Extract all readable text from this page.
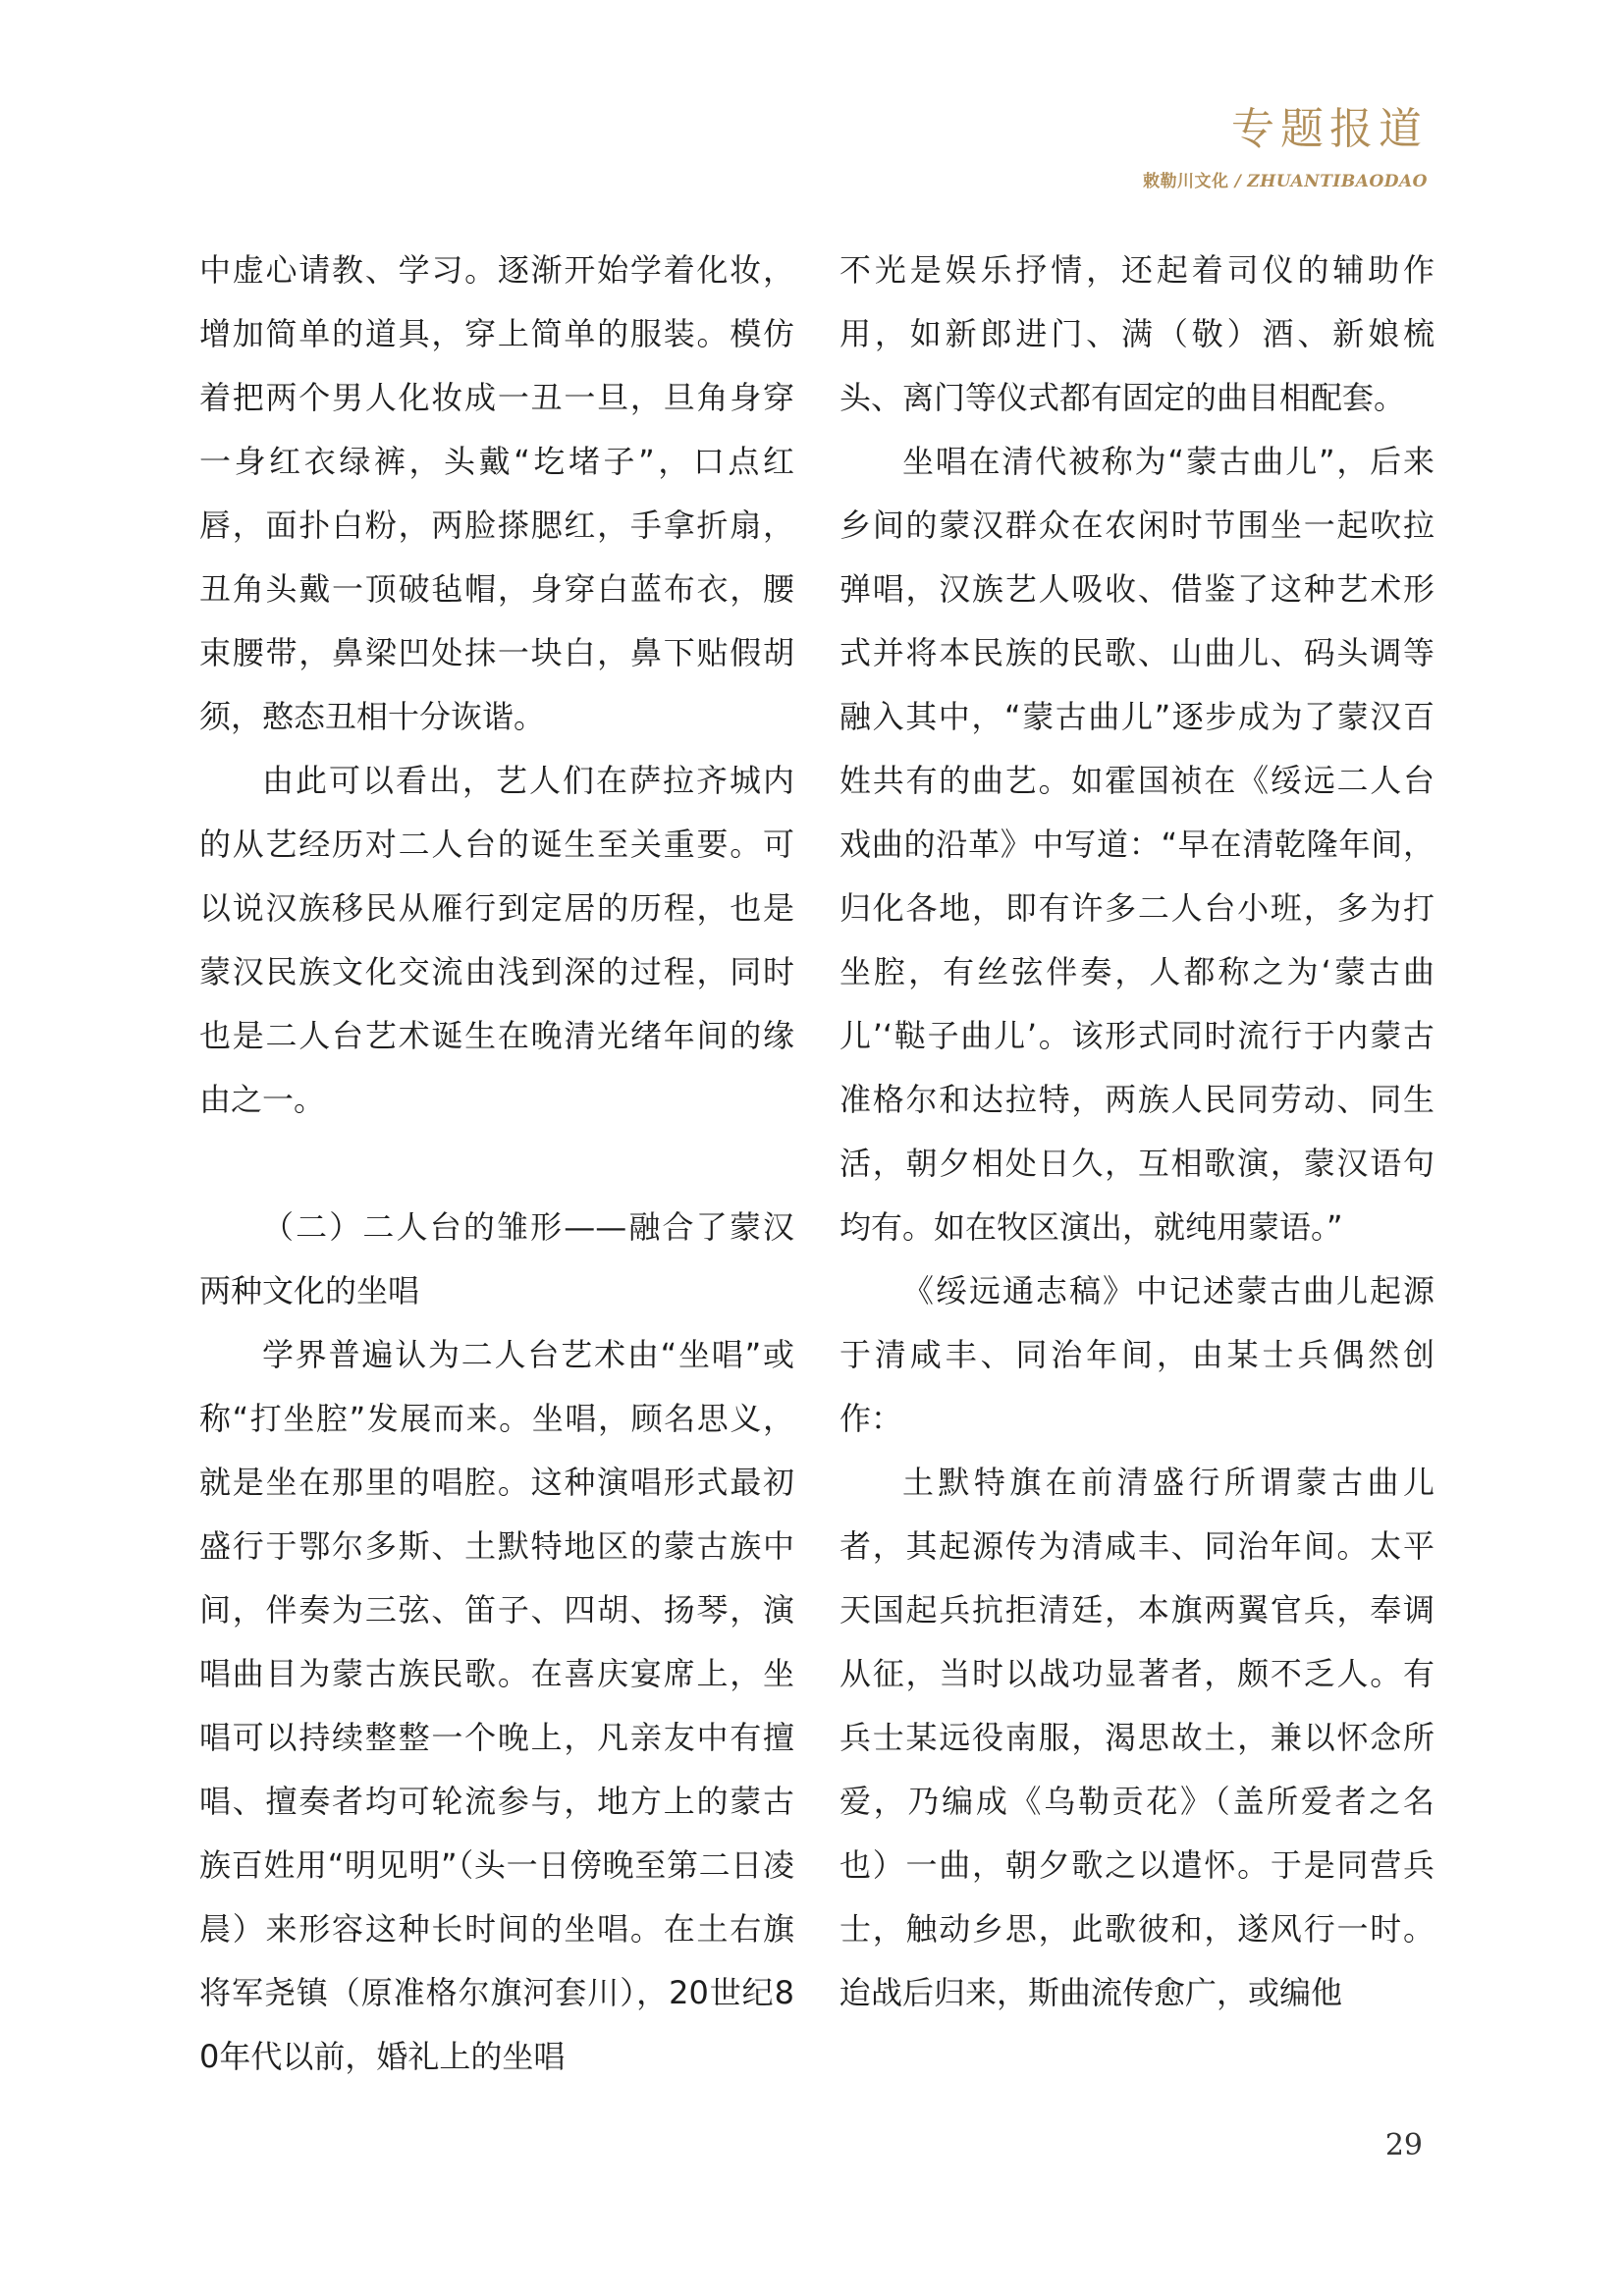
专题报道
敕勒川文化 / ZHUANTIBAODAO

中虚心请教、学习。逐渐开始学着化妆，增加简单的道具，穿上简单的服装。模仿着把两个男人化妆成一丑一旦，旦角身穿一身红衣绿裤，头戴“圪堵子”，口点红唇，面扑白粉，两脸搽腮红，手拿折扇，丑角头戴一顶破毡帽，身穿白蓝布衣，腰束腰带，鼻梁凹处抹一块白，鼻下贴假胡须，憨态丑相十分诙谐。

由此可以看出，艺人们在萨拉齐城内的从艺经历对二人台的诞生至关重要。可以说汉族移民从雁行到定居的历程，也是蒙汉民族文化交流由浅到深的过程，同时也是二人台艺术诞生在晚清光绪年间的缘由之一。

（二）二人台的雏形——融合了蒙汉两种文化的坐唱

学界普遍认为二人台艺术由“坐唱”或称“打坐腔”发展而来。坐唱，顾名思义，就是坐在那里的唱腔。这种演唱形式最初盛行于鄂尔多斯、土默特地区的蒙古族中间，伴奏为三弦、笛子、四胡、扬琴，演唱曲目为蒙古族民歌。在喜庆宴席上，坐唱可以持续整整一个晚上，凡亲友中有擅唱、擅奏者均可轮流参与，地方上的蒙古族百姓用“明见明”（头一日傍晚至第二日凌晨）来形容这种长时间的坐唱。在土右旗将军尧镇（原准格尔旗河套川），20世纪80年代以前，婚礼上的坐唱

不光是娱乐抒情，还起着司仪的辅助作用，如新郎进门、满（敬）酒、新娘梳头、离门等仪式都有固定的曲目相配套。

坐唱在清代被称为“蒙古曲儿”，后来乡间的蒙汉群众在农闲时节围坐一起吹拉弹唱，汉族艺人吸收、借鉴了这种艺术形式并将本民族的民歌、山曲儿、码头调等融入其中，“蒙古曲儿”逐步成为了蒙汉百姓共有的曲艺。如霍国祯在《绥远二人台戏曲的沿革》中写道：“早在清乾隆年间，归化各地，即有许多二人台小班，多为打坐腔，有丝弦伴奏，人都称之为‘蒙古曲儿’‘鞑子曲儿’。该形式同时流行于内蒙古准格尔和达拉特，两族人民同劳动、同生活，朝夕相处日久，互相歌演，蒙汉语句均有。如在牧区演出，就纯用蒙语。”

《绥远通志稿》中记述蒙古曲儿起源于清咸丰、同治年间，由某士兵偶然创作：

土默特旗在前清盛行所谓蒙古曲儿者，其起源传为清咸丰、同治年间。太平天国起兵抗拒清廷，本旗两翼官兵，奉调从征，当时以战功显著者，颇不乏人。有兵士某远役南服，渴思故土，兼以怀念所爱，乃编成《乌勒贡花》（盖所爱者之名也）一曲，朝夕歌之以遣怀。于是同营兵士，触动乡思，此歌彼和，遂风行一时。迨战后归来，斯曲流传愈广，或编他

29
